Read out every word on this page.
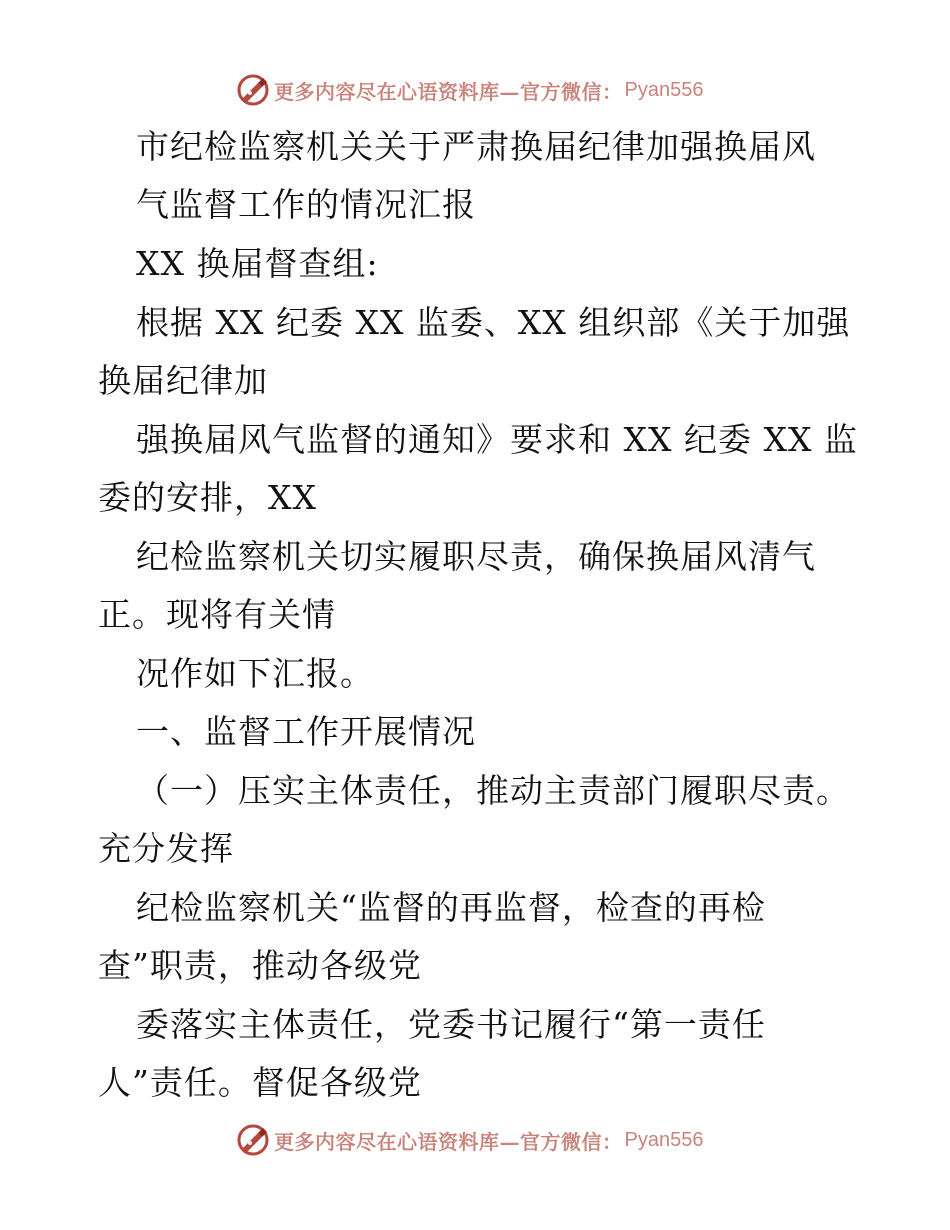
更多内容尽在心语资料库—官方微信： Pyan556
市纪检监察机关关于严肃换届纪律加强换届风
气监督工作的情况汇报
XX 换届督查组:
根据 XX 纪委 XX 监委、XX 组织部《关于加强
换届纪律加
强换届风气监督的通知》要求和 XX 纪委 XX 监
委的安排，XX
纪检监察机关切实履职尽责，确保换届风清气
正。现将有关情
况作如下汇报。
一、监督工作开展情况
（一）压实主体责任，推动主责部门履职尽责。
充分发挥
纪检监察机关“监督的再监督，检查的再检
查”职责，推动各级党
委落实主体责任，党委书记履行“第一责任
人”责任。督促各级党
更多内容尽在心语资料库—官方微信： Pyan556
